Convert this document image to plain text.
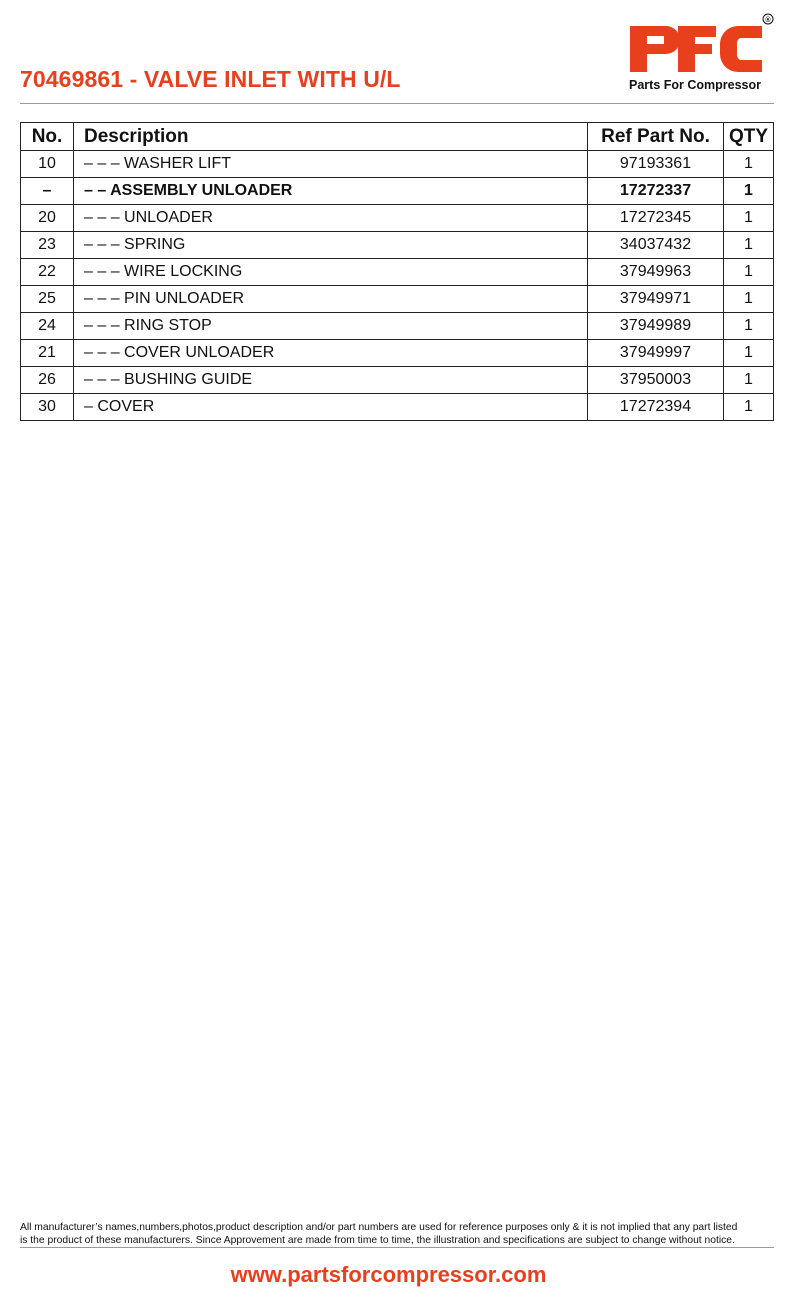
70469861 - VALVE INLET WITH U/L
®
Parts For Compressor
No.	Description	Ref Part No.	QTY
10	– – – WASHER LIFT	97193361	1
–	– – ASSEMBLY UNLOADER	17272337	1
20	– – – UNLOADER	17272345	1
23	– – – SPRING	34037432	1
22	– – – WIRE LOCKING	37949963	1
25	– – – PIN UNLOADER	37949971	1
24	– – – RING STOP	37949989	1
21	– – – COVER UNLOADER	37949997	1
26	– – – BUSHING GUIDE	37950003	1
30	– COVER	17272394	1
All manufacturer’s names,numbers,photos,product description and/or part numbers are used for reference purposes only & it is not implied that any part listed
is the product of these manufacturers. Since Approvement are made from time to time, the illustration and specifications are subject to change without notice.
www.partsforcompressor.com
